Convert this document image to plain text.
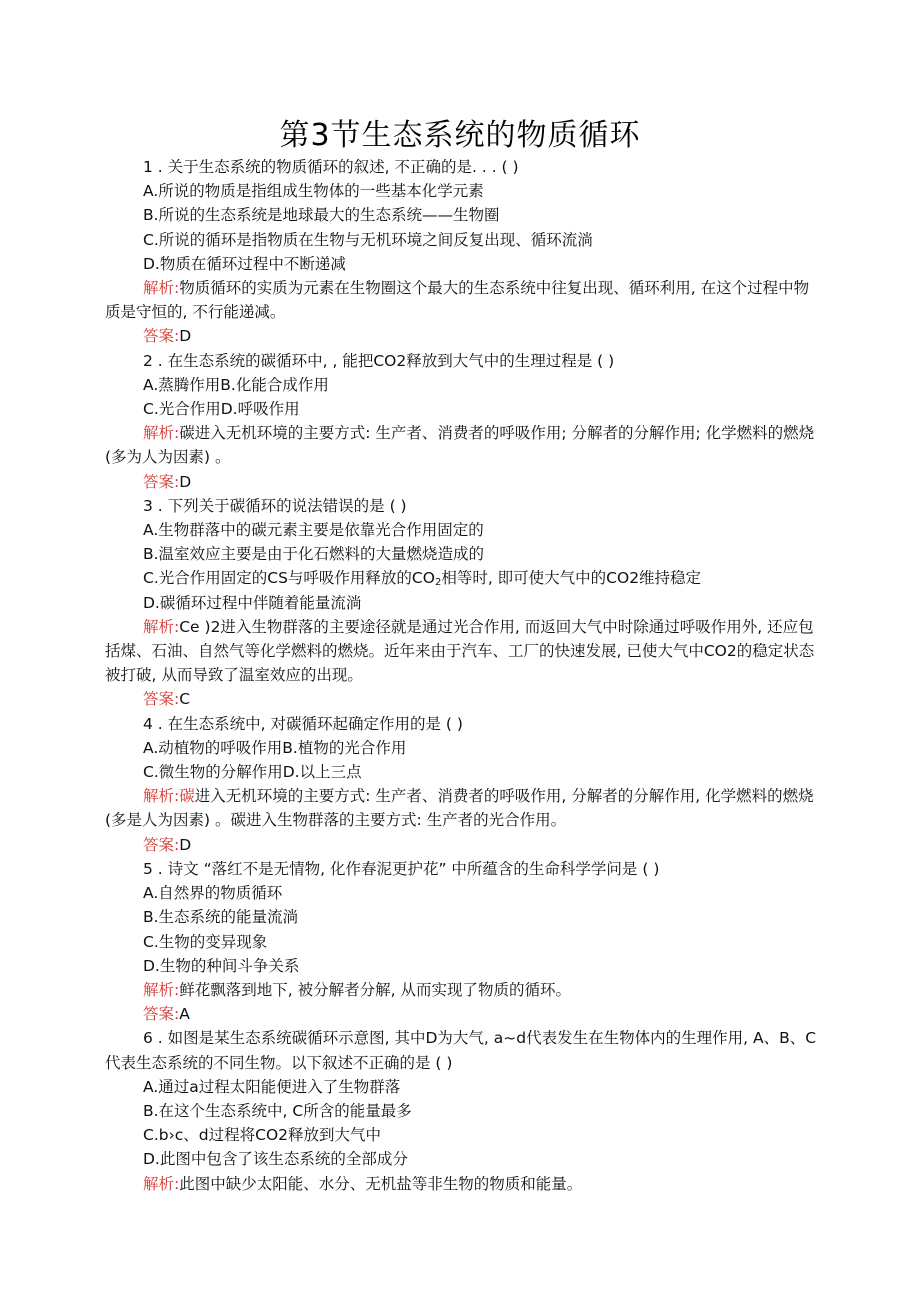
第3节生态系统的物质循环
1 . 关于生态系统的物质循环的叙述, 不正确的是. . . ( )
A.所说的物质是指组成生物体的一些基本化学元素
B.所说的生态系统是地球最大的生态系统——生物圈
C.所说的循环是指物质在生物与无机环境之间反复出现、循环流淌
D.物质在循环过程中不断递减
解析:物质循环的实质为元素在生物圈这个最大的生态系统中往复出现、循环利用, 在这个过程中物质是守恒的, 不行能递减。
答案:D
2 . 在生态系统的碳循环中, , 能把CO2释放到大气中的生理过程是 ( )
A.蒸腾作用B.化能合成作用
C.光合作用D.呼吸作用
解析:碳进入无机环境的主要方式: 生产者、消费者的呼吸作用; 分解者的分解作用; 化学燃料的燃烧 (多为人为因素) 。
答案:D
3 . 下列关于碳循环的说法错误的是 ( )
A.生物群落中的碳元素主要是依靠光合作用固定的
B.温室效应主要是由于化石燃料的大量燃烧造成的
C.光合作用固定的CS与呼吸作用释放的$CO_2$相等时, 即可使大气中的CO2维持稳定
D.碳循环过程中伴随着能量流淌
解析:Ce )2进入生物群落的主要途径就是通过光合作用, 而返回大气中时除通过呼吸作用外, 还应包括煤、石油、自然气等化学燃料的燃烧。近年来由于汽车、工厂的快速发展, 已使大气中CO2的稳定状态被打破, 从而导致了温室效应的出现。
答案:C
4 . 在生态系统中, 对碳循环起确定作用的是 ( )
A.动植物的呼吸作用B.植物的光合作用
C.微生物的分解作用D.以上三点
解析:碳进入无机环境的主要方式: 生产者、消费者的呼吸作用, 分解者的分解作用, 化学燃料的燃烧 (多是人为因素) 。碳进入生物群落的主要方式: 生产者的光合作用。
答案:D
5 . 诗文 “落红不是无情物, 化作春泥更护花” 中所蕴含的生命科学学问是 ( )
A.自然界的物质循环
B.生态系统的能量流淌
C.生物的变异现象
D.生物的种间斗争关系
解析:鲜花飘落到地下, 被分解者分解, 从而实现了物质的循环。
答案:A
6 . 如图是某生态系统碳循环示意图, 其中D为大气, a~d代表发生在生物体内的生理作用, A、B、C代表生态系统的不同生物。以下叙述不正确的是 ( )
A.通过a过程太阳能便进入了生物群落
B.在这个生态系统中, C所含的能量最多
C.b›c、d过程将CO2释放到大气中
D.此图中包含了该生态系统的全部成分
解析:此图中缺少太阳能、水分、无机盐等非生物的物质和能量。
